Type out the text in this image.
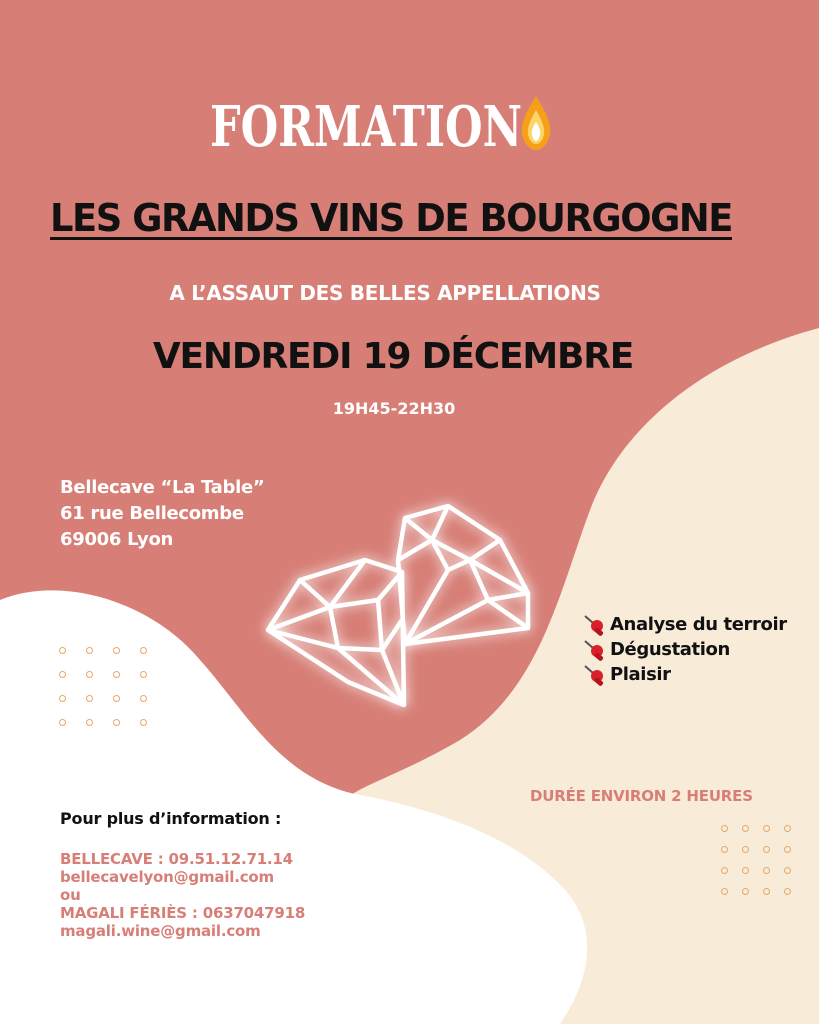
FORMATION
LES GRANDS VINS DE BOURGOGNE
A L’ASSAUT DES BELLES APPELLATIONS
VENDREDI 19 DÉCEMBRE
19H45-22H30
Bellecave “La Table”
61 rue Bellecombe
69006 Lyon
Analyse du terroir
Dégustation
Plaisir
DURÉE ENVIRON 2 HEURES
Pour plus d’information :
BELLECAVE : 09.51.12.71.14
bellecavelyon@gmail.com
ou
MAGALI FÉRIÈS : 0637047918
magali.wine@gmail.com
